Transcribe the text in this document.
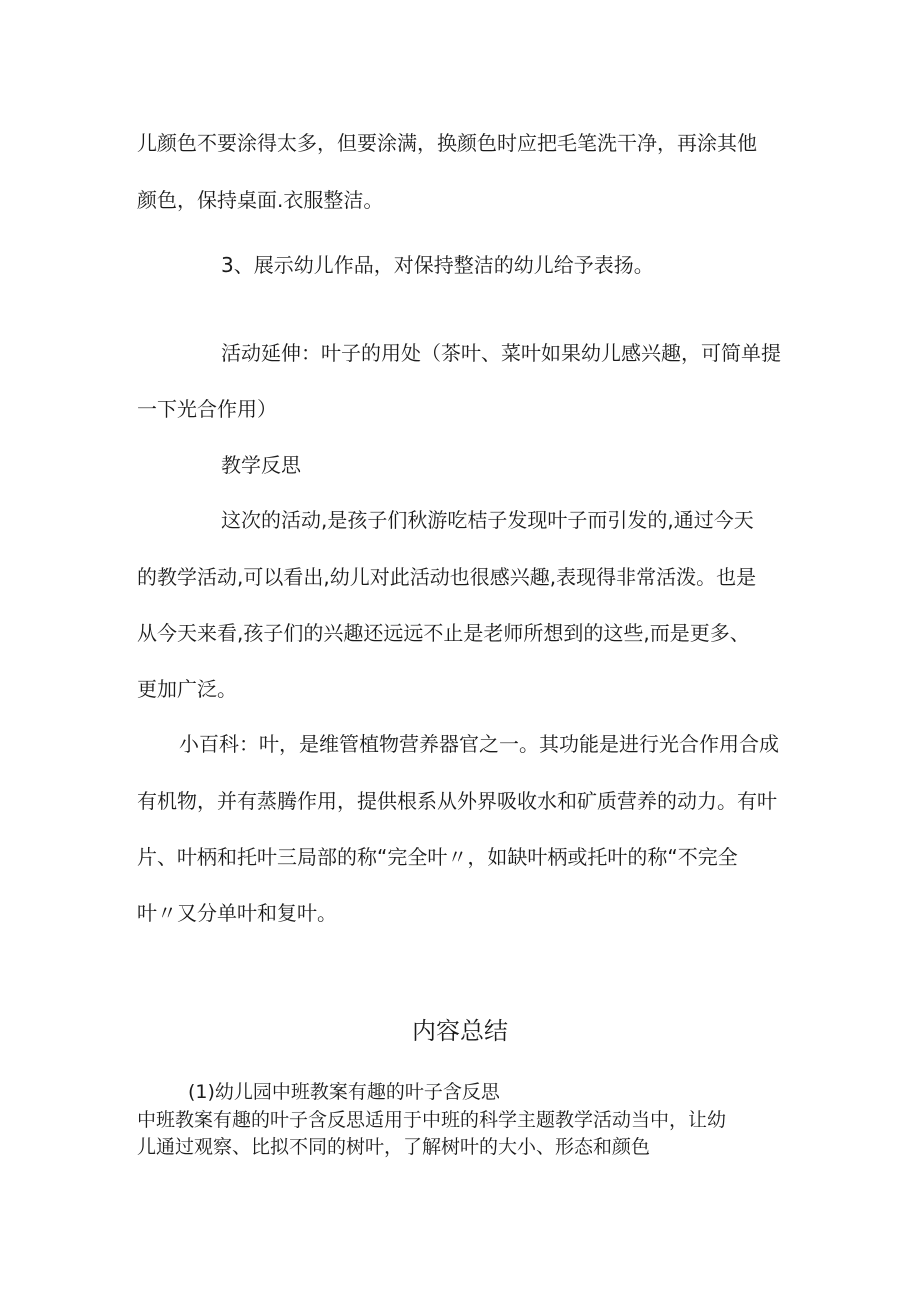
儿颜色不要涂得太多，但要涂满，换颜色时应把毛笔洗干净，再涂其他
颜色，保持桌面.衣服整洁。
3、展示幼儿作品，对保持整洁的幼儿给予表扬。
活动延伸：叶子的用处（茶叶、菜叶如果幼儿感兴趣，可简单提
一下光合作用）
教学反思
这次的活动,是孩子们秋游吃桔子发现叶子而引发的,通过今天
的教学活动,可以看出,幼儿对此活动也很感兴趣,表现得非常活泼。也是
从今天来看,孩子们的兴趣还远远不止是老师所想到的这些,而是更多、
更加广泛。
小百科：叶，是维管植物营养器官之一。其功能是进行光合作用合成
有机物，并有蒸腾作用，提供根系从外界吸收水和矿质营养的动力。有叶
片、叶柄和托叶三局部的称“完全叶〃，如缺叶柄或托叶的称“不完全
叶〃又分单叶和复叶。
内容总结
(1)幼儿园中班教案有趣的叶子含反思
中班教案有趣的叶子含反思适用于中班的科学主题教学活动当中，让幼
儿通过观察、比拟不同的树叶，了解树叶的大小、形态和颜色
